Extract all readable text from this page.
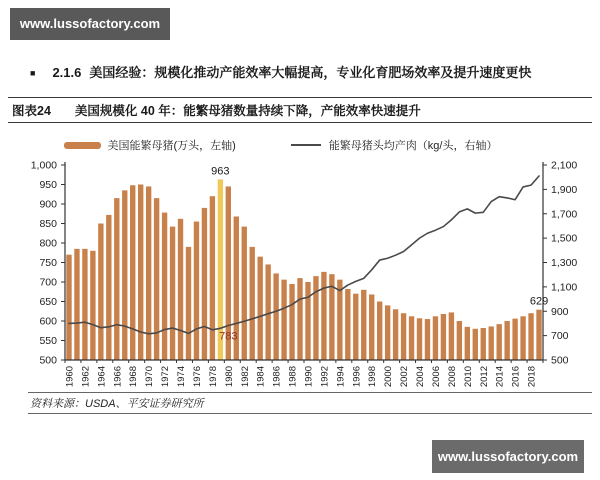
www.lussofactory.com
■ 2.1.6 美国经验：规模化推动产能效率大幅提高，专业化育肥场效率及提升速度更快
图表24 美国规模化 40 年：能繁母猪数量持续下降，产能效率快速提升
美国能繁母猪(万头，左轴)	能繁母猪头均产肉（kg/头，右轴）
1,000
950
900
850
800
750
700
650
600
550
500
2,100
1,900
1,700
1,500
1,300
1,100
900
700
500
1960 1962 1964 1966 1968 1970 1972 1974 1976 1978 1980 1982 1984 1986 1988 1990 1992 1994 1996 1998 2000 2002 2004 2006 2008 2010 2012 2014 2016 2018
963
783
629
资料来源：USDA、平安证券研究所
www.lussofactory.com
